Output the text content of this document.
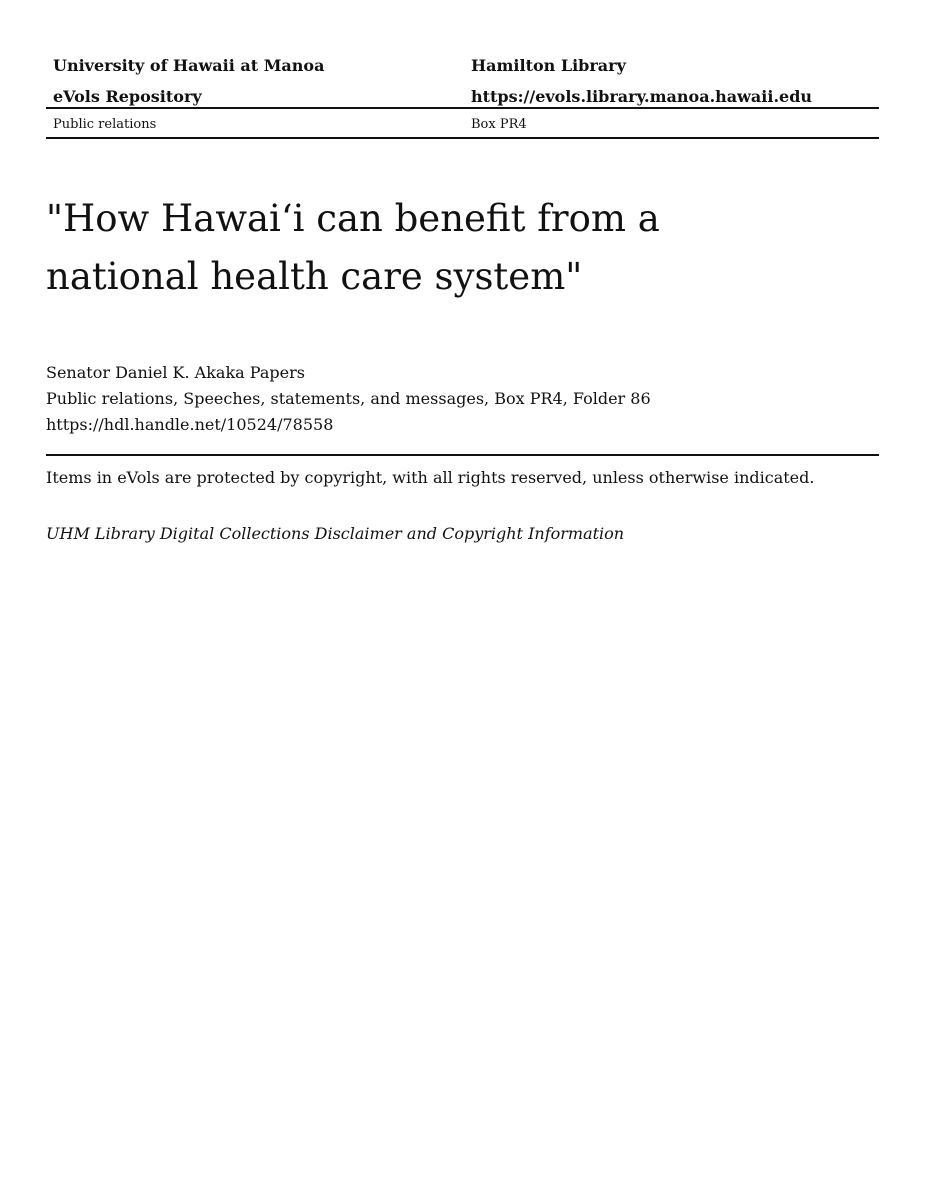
University of Hawaii at Manoa	Hamilton Library
eVols Repository	https://evols.library.manoa.hawaii.edu
Public relations	Box PR4
"How Hawaiʻi can benefit from a national health care system"
Senator Daniel K. Akaka Papers
Public relations, Speeches, statements, and messages, Box PR4, Folder 86
https://hdl.handle.net/10524/78558
Items in eVols are protected by copyright, with all rights reserved, unless otherwise indicated.
UHM Library Digital Collections Disclaimer and Copyright Information
